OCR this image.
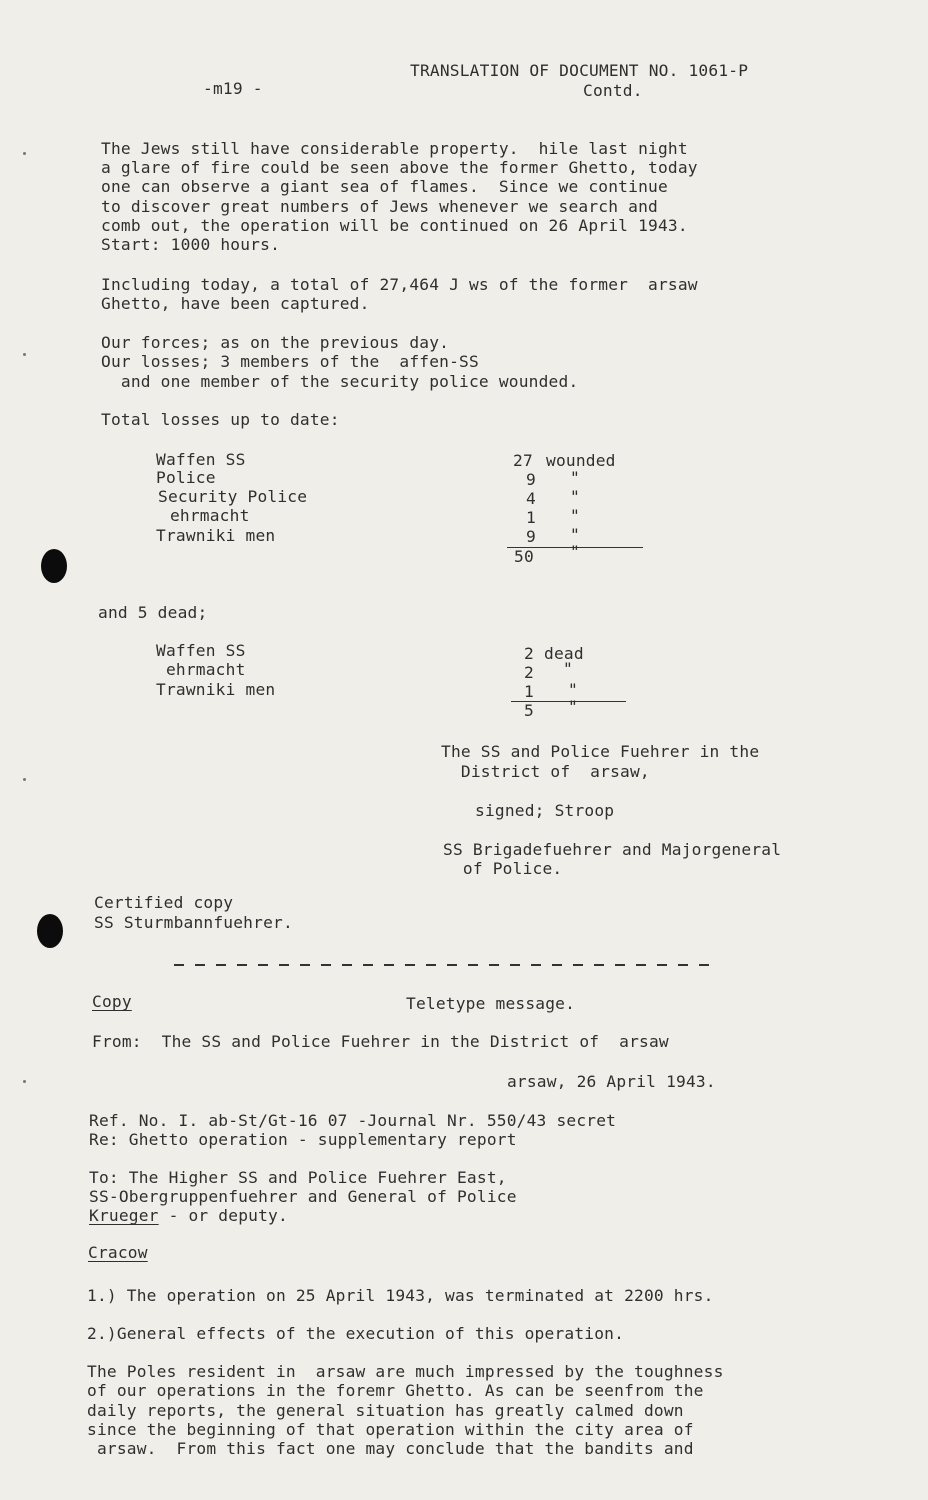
-m19 -
TRANSLATION OF DOCUMENT NO. 1061-P
Contd.
The Jews still have considerable property.  hile last night
a glare of fire could be seen above the former Ghetto, today
one can observe a giant sea of flames.  Since we continue
to discover great numbers of Jews whenever we search and
comb out, the operation will be continued on 26 April 1943.
Start: 1000 hours.
Including today, a total of 27,464 J ws of the former  arsaw
Ghetto, have been captured.
Our forces; as on the previous day.
Our losses; 3 members of the  affen-SS
and one member of the security police wounded.
Total losses up to date:
Waffen SS
Police
Security Police
ehrmacht
Trawniki men
27 wounded
9 "
4 "
1 "
9 "
50 "
and 5 dead;
Waffen SS
ehrmacht
Trawniki men
2 dead
2 "
1 "
5 "
The SS and Police Fuehrer in the
District of  arsaw,
signed; Stroop
SS Brigadefuehrer and Majorgeneral
of Police.
Certified copy
SS Sturmbannfuehrer.
Copy	Teletype message.
From:  The SS and Police Fuehrer in the District of  arsaw
arsaw, 26 April 1943.
Ref. No. I. ab-St/Gt-16 07 -Journal Nr. 550/43 secret
Re: Ghetto operation - supplementary report
To: The Higher SS and Police Fuehrer East,
SS-Obergruppenfuehrer and General of Police
Krueger - or deputy.
Cracow
1.) The operation on 25 April 1943, was terminated at 2200 hrs.
2.)General effects of the execution of this operation.
The Poles resident in  arsaw are much impressed by the toughness
of our operations in the foremr Ghetto. As can be seenfrom the
daily reports, the general situation has greatly calmed down
since the beginning of that operation within the city area of
arsaw.  From this fact one may conclude that the bandits and
